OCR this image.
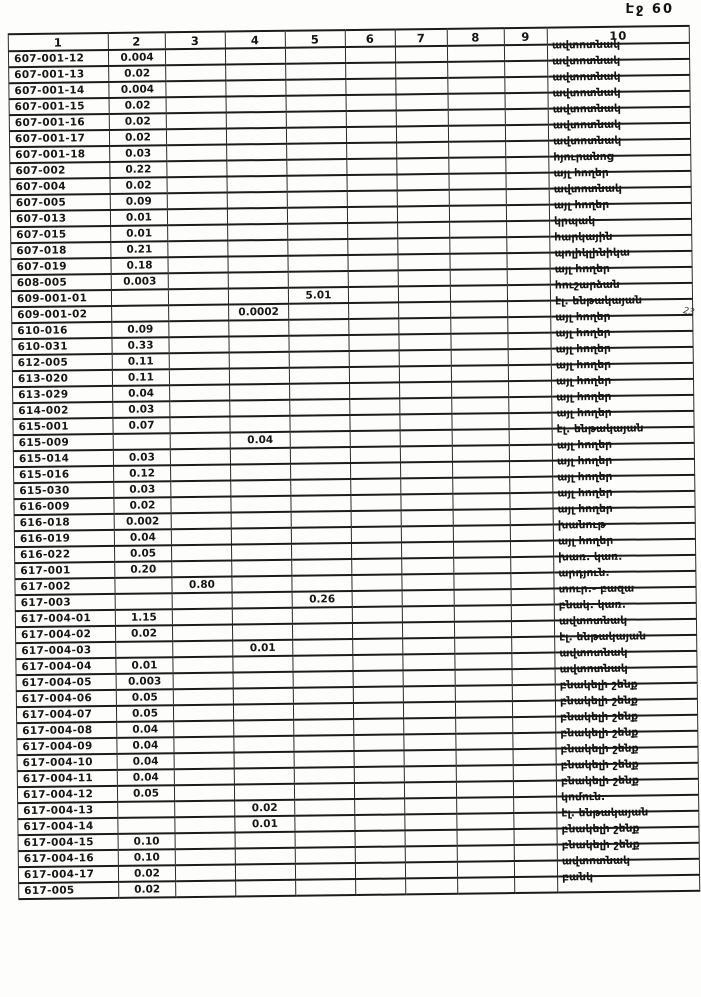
Էջ 60
23
1	2	3	4	5	6	7	8	9	10
607-001-12	0.004								ավտոտնակ
607-001-13	0.02								ավտոտնակ
607-001-14	0.004								ավտոտնակ
607-001-15	0.02								ավտոտնակ
607-001-16	0.02								ավտոտնակ
607-001-17	0.02								ավտոտնակ
607-001-18	0.03								ավտոտնակ
607-002	0.22								հյուրանոց
607-004	0.02								այլ հողեր
607-005	0.09								ավտոտնակ
607-013	0.01								այլ հողեր
607-015	0.01								կրպակ
607-018	0.21								հարկային
607-019	0.18								պոլիկլինիկա
608-005	0.003								այլ հողեր
609-001-01				5.01					հուշարձան
609-001-02			0.0002						էլ. ենթակայան
610-016	0.09								այլ հողեր
610-031	0.33								այլ հողեր
612-005	0.11								այլ հողեր
613-020	0.11								այլ հողեր
613-029	0.04								այլ հողեր
614-002	0.03								այլ հողեր
615-001	0.07								այլ հողեր
615-009			0.04						էլ. ենթակայան
615-014	0.03								այլ հողեր
615-016	0.12								այլ հողեր
615-030	0.03								այլ հողեր
616-009	0.02								այլ հողեր
616-018	0.002								այլ հողեր
616-019	0.04								խանութ
616-022	0.05								այլ հողեր
617-001	0.20								խառ. կառ.
617-002		0.80							արդյուն.
617-003				0.26					տուր.- բազա
617-004-01	1.15								բնակ. կառ.
617-004-02	0.02								ավտոտնակ
617-004-03			0.01						էլ. ենթակայան
617-004-04	0.01								ավտոտնակ
617-004-05	0.003								ավտոտնակ
617-004-06	0.05								բնակելի շենք
617-004-07	0.05								բնակելի շենք
617-004-08	0.04								բնակելի շենք
617-004-09	0.04								բնակելի շենք
617-004-10	0.04								բնակելի շենք
617-004-11	0.04								բնակելի շենք
617-004-12	0.05								բնակելի շենք
617-004-13			0.02						կոմուն.
617-004-14			0.01						էլ. ենթակայան
617-004-15	0.10								բնակելի շենք
617-004-16	0.10								բնակելի շենք
617-004-17	0.02								ավտոտնակ
617-005	0.02								բանկ
